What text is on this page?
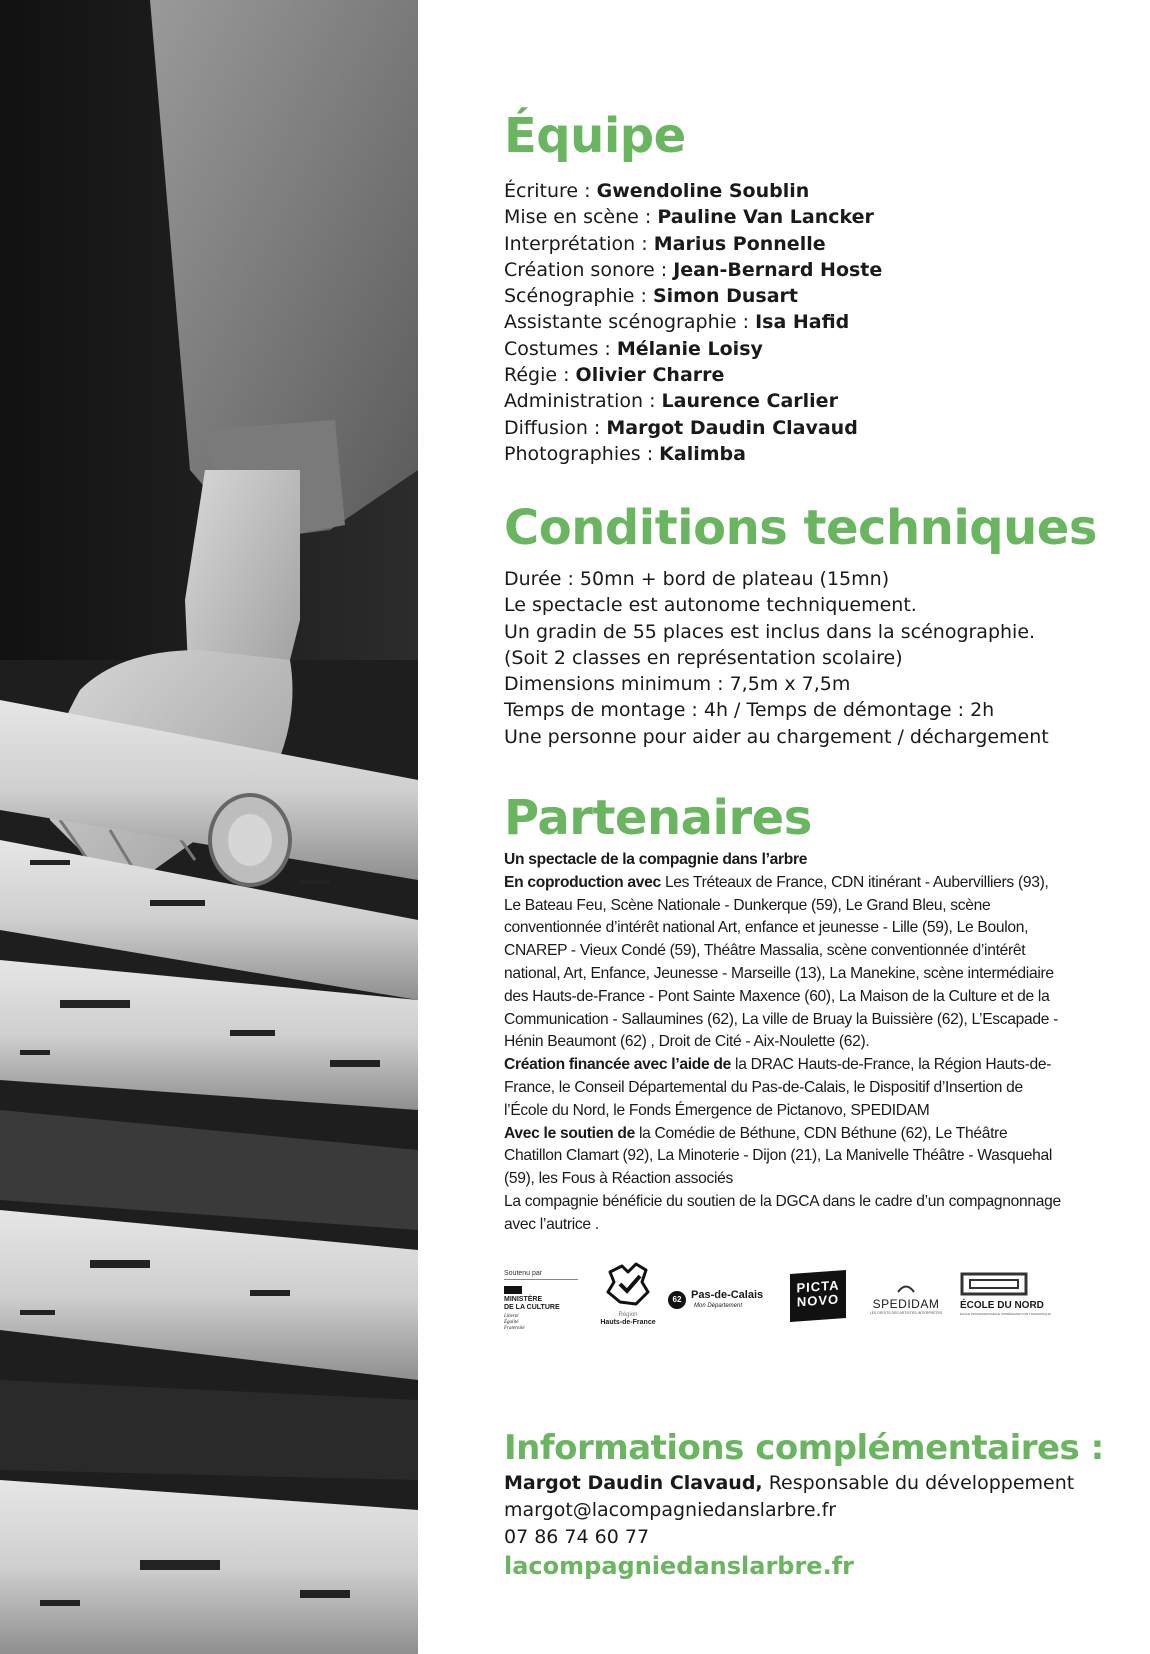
Équipe
Écriture : Gwendoline Soublin
Mise en scène : Pauline Van Lancker
Interprétation : Marius Ponnelle
Création sonore : Jean-Bernard Hoste
Scénographie : Simon Dusart
Assistante scénographie : Isa Hafid
Costumes : Mélanie Loisy
Régie : Olivier Charre
Administration : Laurence Carlier
Diffusion : Margot Daudin Clavaud
Photographies : Kalimba
Conditions techniques
Durée : 50mn + bord de plateau (15mn)
Le spectacle est autonome techniquement.
Un gradin de 55 places est inclus dans la scénographie.
(Soit 2 classes en représentation scolaire)
Dimensions minimum : 7,5m x 7,5m
Temps de montage : 4h / Temps de démontage : 2h
Une personne pour aider au chargement / déchargement
Partenaires

Un spectacle de la compagnie dans l’arbre

En coproduction avec Les Tréteaux de France, CDN itinérant - Aubervilliers (93), Le Bateau Feu, Scène Nationale - Dunkerque (59), Le Grand Bleu, scène conventionnée d’intérêt national Art, enfance et jeunesse - Lille (59), Le Boulon, CNAREP - Vieux Condé (59), Théâtre Massalia, scène conventionnée d’intérêt national, Art, Enfance, Jeunesse - Marseille (13), La Manekine, scène intermédiaire des Hauts-de-France - Pont Sainte Maxence (60), La Maison de la Culture et de la Communication - Sallaumines (62), La ville de Bruay la Buissière (62), L’Escapade - Hénin Beaumont (62) , Droit de Cité - Aix-Noulette (62).

Création financée avec l’aide de la DRAC Hauts-de-France, la Région Hauts-de-France, le Conseil Départemental du Pas-de-Calais, le Dispositif d’Insertion de l’École du Nord, le Fonds Émergence de Pictanovo, SPEDIDAM

Avec le soutien de la Comédie de Béthune, CDN Béthune (62), Le Théâtre Chatillon Clamart (92), La Minoterie - Dijon (21), La Manivelle Théâtre - Wasquehal (59), les Fous à Réaction associés

La compagnie bénéficie du soutien de la DGCA dans le cadre d’un compagnonnage avec l’autrice .

Soutenu par
MINISTÈRE
DE LA CULTURE
Liberté
Égalité
Fraternité
Région
Hauts-de-France
62 Pas-de-Calais
Mon Département
PICTA
NOVO	SPEDIDAM
LES DROITS DES ARTISTES-INTERPRÈTES
ÉCOLE DU NORD
ÉCOLE PROFESSIONNELLE SUPÉRIEURE D’ART DRAMATIQUE
Informations complémentaires :
Margot Daudin Clavaud, Responsable du développement
margot@lacompagniedanslarbre.fr
07 86 74 60 77
lacompagniedanslarbre.fr
